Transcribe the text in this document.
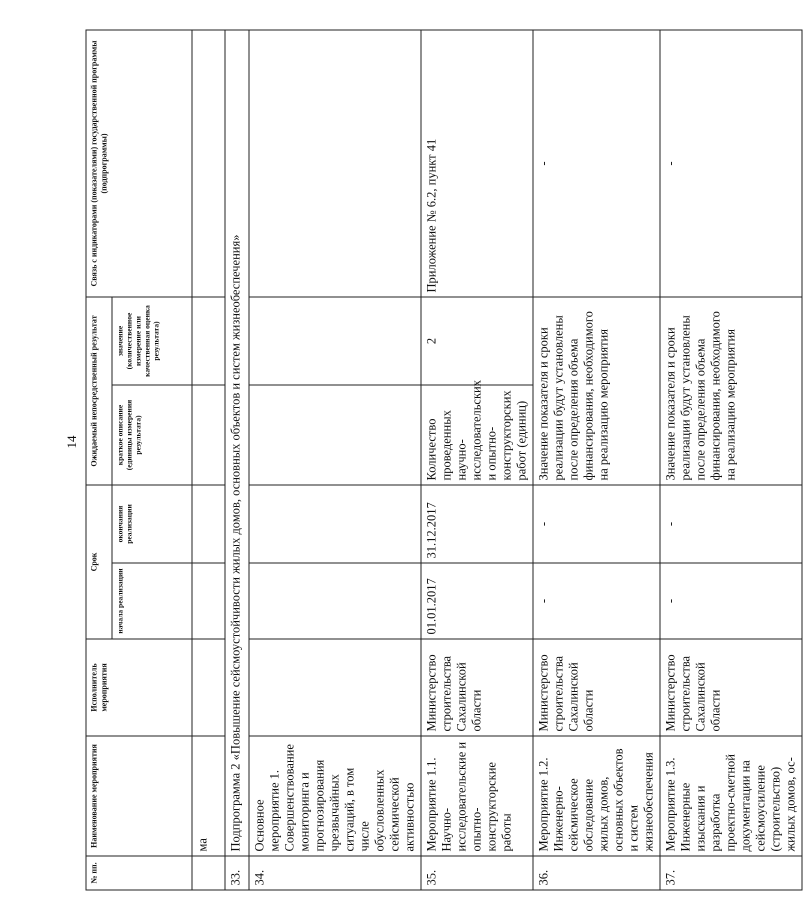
14
№ пп.	Наименование мероприятия	Исполнитель мероприятия	Срок		Ожидаемый непосредственный результат		Связь с индикаторами (показателями) государственной программы (подпрограммы)
			начала реализации	окончания реализации	краткое описание (единицы измерения результата)	значение (количественное измерение или качественная оценка результата)	
	ма						
33.	Подпрограмма 2 «Повышение сейсмоустойчивости жилых домов, основных объектов и систем жизнеобеспечения»						
34.	Основное мероприятие 1. Совершенствование мониторинга и прогнозирования чрезвычайных ситуаций, в том числе обусловленных сейсмической активностью						
35.	Мероприятие 1.1. Научно-исследовательские и опытно-конструкторские работы	Министерство строительства Сахалинской области	01.01.2017	31.12.2017	Количество проведенных научно-исследовательских и опытно-конструкторских работ (единиц)	2	Приложение № 6.2, пункт 41
36.	Мероприятие 1.2. Инженерно-сейсмическое обследование жилых домов, основных объектов и систем жизнеобеспечения	Министерство строительства Сахалинской области	-	-	Значение показателя и сроки реализации будут установлены после определения объема финансирования, необходимого на реализацию мероприятия		-
37.	Мероприятие 1.3. Инженерные изыскания и разработка проектно-сметной документации на сейсмоусиление (строительство) жилых домов, ос-	Министерство строительства Сахалинской области	-	-	Значение показателя и сроки реализации будут установлены после определения объема финансирования, необходимого на реализацию мероприятия		-
